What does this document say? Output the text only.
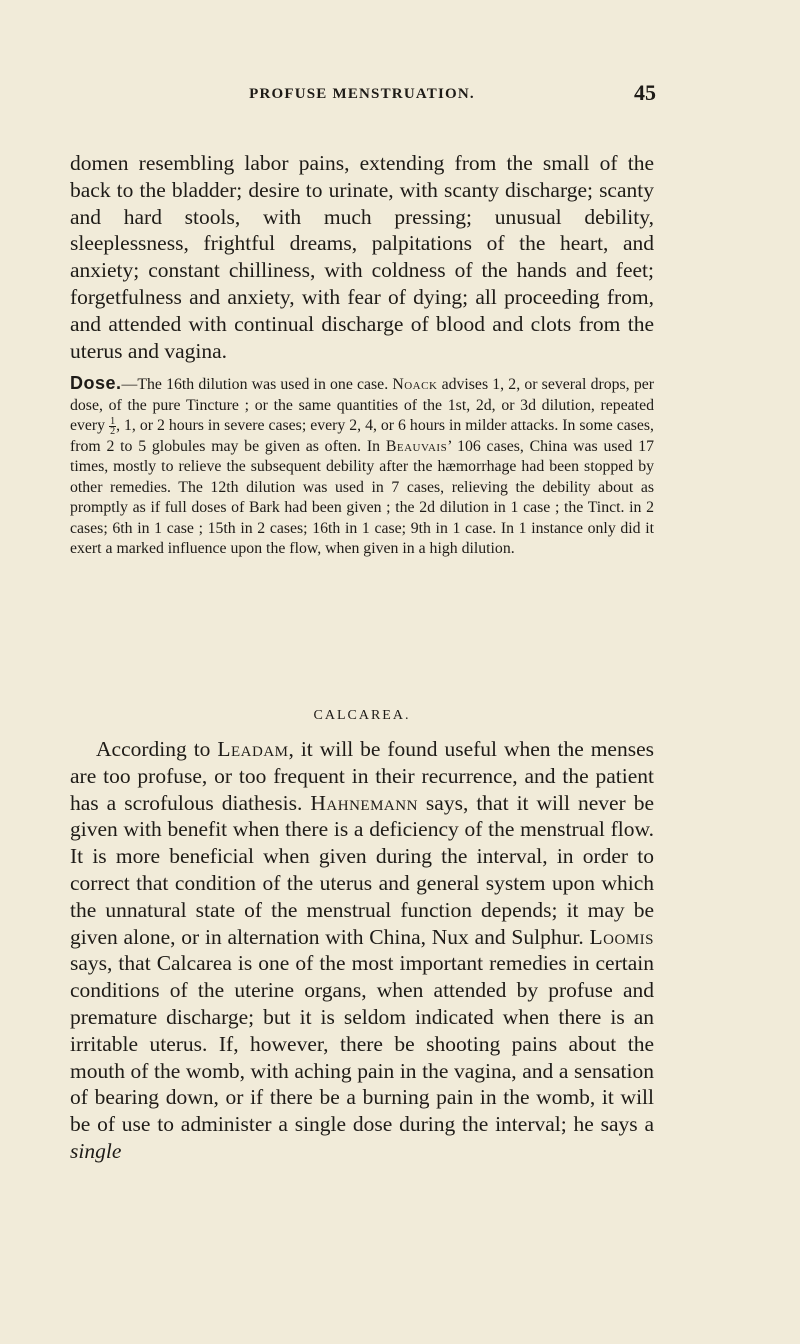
PROFUSE MENSTRUATION.	45

domen resembling labor pains, extending from the small of the back to the bladder; desire to urinate, with scanty discharge; scanty and hard stools, with much pressing; unusual debility, sleeplessness, frightful dreams, palpitations of the heart, and anxiety; constant chilliness, with coldness of the hands and feet; forgetfulness and anxiety, with fear of dying; all proceeding from, and attended with continual discharge of blood and clots from the uterus and vagina.

Dose.—The 16th dilution was used in one case. Noack advises 1, 2, or several drops, per dose, of the pure Tincture ; or the same quantities of the 1st, 2d, or 3d dilution, repeated every $\frac{1}{2}$ , 1, or 2 hours in severe cases; every 2, 4, or 6 hours in milder attacks. In some cases, from 2 to 5 globules may be given as often. In Beauvais’ 106 cases, China was used 17 times, mostly to relieve the subsequent debility after the hæmorrhage had been stopped by other remedies. The 12th dilution was used in 7 cases, relieving the debility about as promptly as if full doses of Bark had been given ; the 2d dilution in 1 case ; the Tinct. in 2 cases; 6th in 1 case ; 15th in 2 cases; 16th in 1 case; 9th in 1 case. In 1 instance only did it exert a marked influence upon the flow, when given in a high dilution.

CALCAREA.

According to Leadam, it will be found useful when the menses are too profuse, or too frequent in their recurrence, and the patient has a scrofulous diathesis. Hahnemann says, that it will never be given with benefit when there is a deficiency of the menstrual flow. It is more beneficial when given during the interval, in order to correct that condition of the uterus and general system upon which the unnatural state of the menstrual function depends; it may be given alone, or in alternation with China, Nux and Sulphur. Loomis says, that Calcarea is one of the most important remedies in certain conditions of the uterine organs, when attended by profuse and premature discharge; but it is seldom indicated when there is an irritable uterus. If, however, there be shooting pains about the mouth of the womb, with aching pain in the vagina, and a sensation of bearing down, or if there be a burning pain in the womb, it will be of use to administer a single dose during the interval; he says a single
